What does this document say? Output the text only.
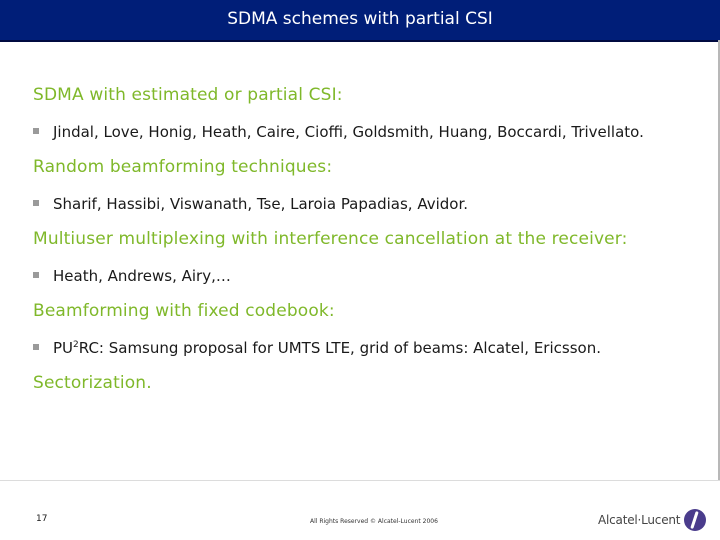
SDMA schemes with partial CSI
SDMA with estimated or partial CSI:
Jindal, Love, Honig, Heath, Caire, Cioffi, Goldsmith, Huang, Boccardi, Trivellato.
Random beamforming techniques:
Sharif, Hassibi, Viswanath, Tse, Laroia Papadias, Avidor.
Multiuser multiplexing with interference cancellation at the receiver:
Heath, Andrews, Airy,…
Beamforming with fixed codebook:
$PU^2RC$: Samsung proposal for UMTS LTE, grid of beams: Alcatel, Ericsson.
Sectorization.
17	All Rights Reserved © Alcatel-Lucent 2006	Alcatel·Lucent
